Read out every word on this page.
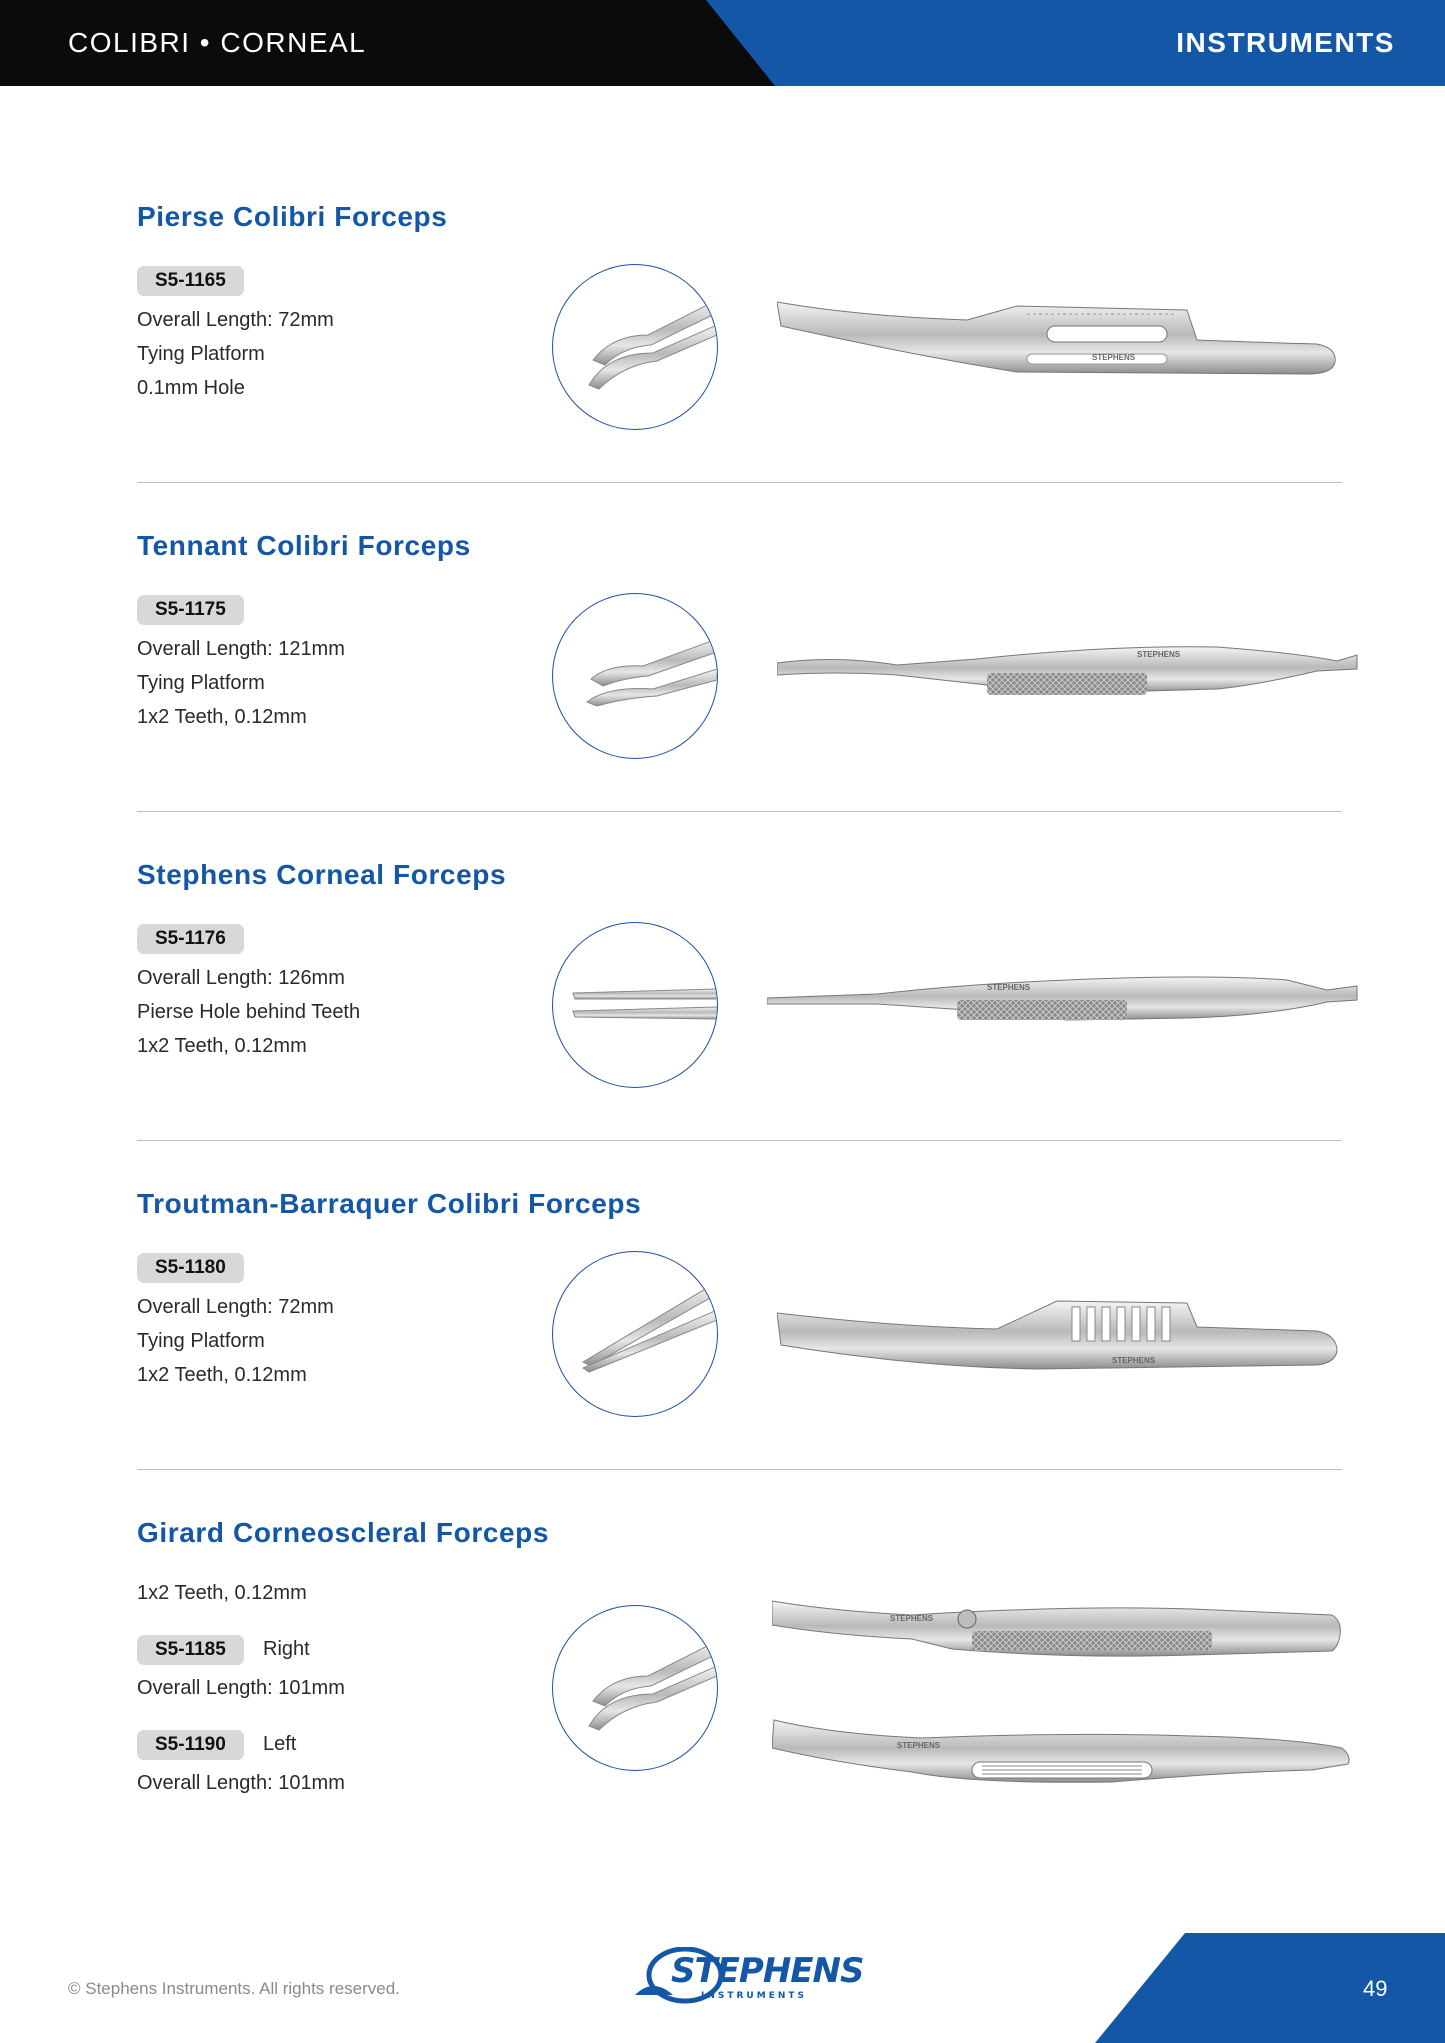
COLIBRI • CORNEAL	INSTRUMENTS
Pierse Colibri Forceps
S5-1165
Overall Length: 72mm
Tying Platform
0.1mm Hole
STEPHENS
Tennant Colibri Forceps
S5-1175
Overall Length: 121mm
Tying Platform
1x2 Teeth, 0.12mm
STEPHENS
Stephens Corneal Forceps
S5-1176
Overall Length: 126mm
Pierse Hole behind Teeth
1x2 Teeth, 0.12mm
STEPHENS
Troutman-Barraquer Colibri Forceps
S5-1180
Overall Length: 72mm
Tying Platform
1x2 Teeth, 0.12mm
STEPHENS
Girard Corneoscleral Forceps
1x2 Teeth, 0.12mm
S5-1185	Right
Overall Length: 101mm
S5-1190	Left
Overall Length: 101mm
STEPHENS
STEPHENS
© Stephens Instruments. All rights reserved.	49
STEPHENS
INSTRUMENTS
